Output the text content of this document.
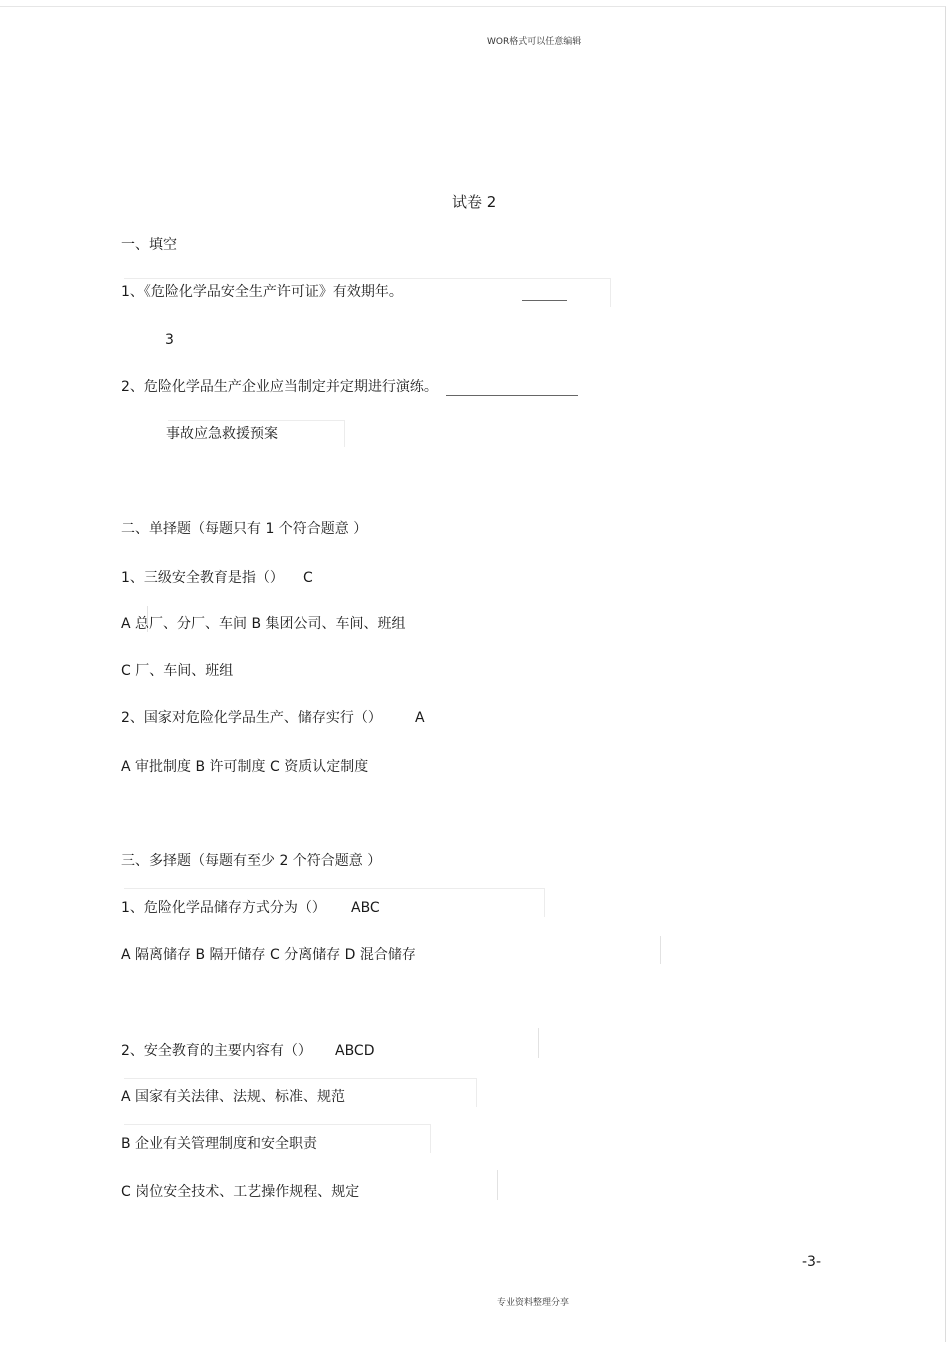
WOR格式可以任意编辑
试卷 2
一、填空
1、《危险化学品安全生产许可证》有效期年。
3
2、危险化学品生产企业应当制定并定期进行演练。
事故应急救援预案
二、单择题（每题只有 1 个符合题意 ）
1、三级安全教育是指（） C
A 总厂、分厂、车间 B 集团公司、车间、班组
C 厂、车间、班组
2、国家对危险化学品生产、储存实行（） A
A 审批制度 B 许可制度 C 资质认定制度
三、多择题（每题有至少 2 个符合题意 ）
1、危险化学品储存方式分为（） ABC
A 隔离储存 B 隔开储存 C 分离储存 D 混合储存
2、安全教育的主要内容有（） ABCD
A 国家有关法律、法规、标准、规范
B 企业有关管理制度和安全职责
C 岗位安全技术、工艺操作规程、规定
-3-
专业资料整理分享
